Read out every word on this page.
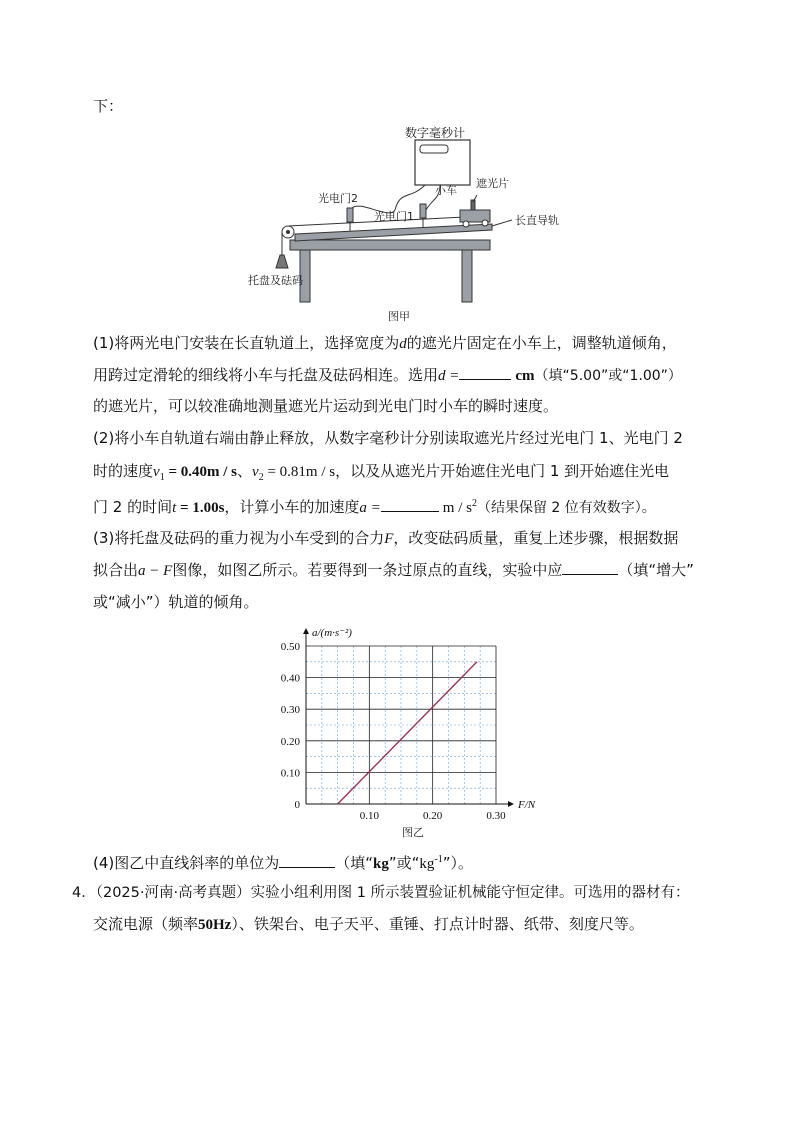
下：
数字毫秒计
光电门2
光电门1
小车
遮光片
长直导轨
托盘及砝码
图甲
(1)将两光电门安装在长直轨道上，选择宽度为d的遮光片固定在小车上，调整轨道倾角，
用跨过定滑轮的细线将小车与托盘及砝码相连。选用d =	cm（填“5.00”或“1.00”）
的遮光片，可以较准确地测量遮光片运动到光电门时小车的瞬时速度。
(2)将小车自轨道右端由静止释放，从数字毫秒计分别读取遮光片经过光电门 1、光电门 2
时的速度$v_1 = 0.40m / s$、$v_2 = 0.81m / s$，以及从遮光片开始遮住光电门 1 到开始遮住光电
门 2 的时间t = 1.00s，计算小车的加速度a =	m / $s^2$（结果保留 2 位有效数字）。
(3)将托盘及砝码的重力视为小车受到的合力F，改变砝码质量，重复上述步骤，根据数据
拟合出a − F图像，如图乙所示。若要得到一条过原点的直线，实验中应	（填“增大”
或“减小”）轨道的倾角。
0
0.10
0.20
0.30
0.40
0.50
0.10	0.20	0.30
F/N
a/(m·s⁻²)
图乙
(4)图乙中直线斜率的单位为	（填“kg”或“$kg^{-1}$”）。
4．（2025·河南·高考真题）实验小组利用图 1 所示装置验证机械能守恒定律。可选用的器材有：
交流电源（频率50Hz）、铁架台、电子天平、重锤、打点计时器、纸带、刻度尺等。
